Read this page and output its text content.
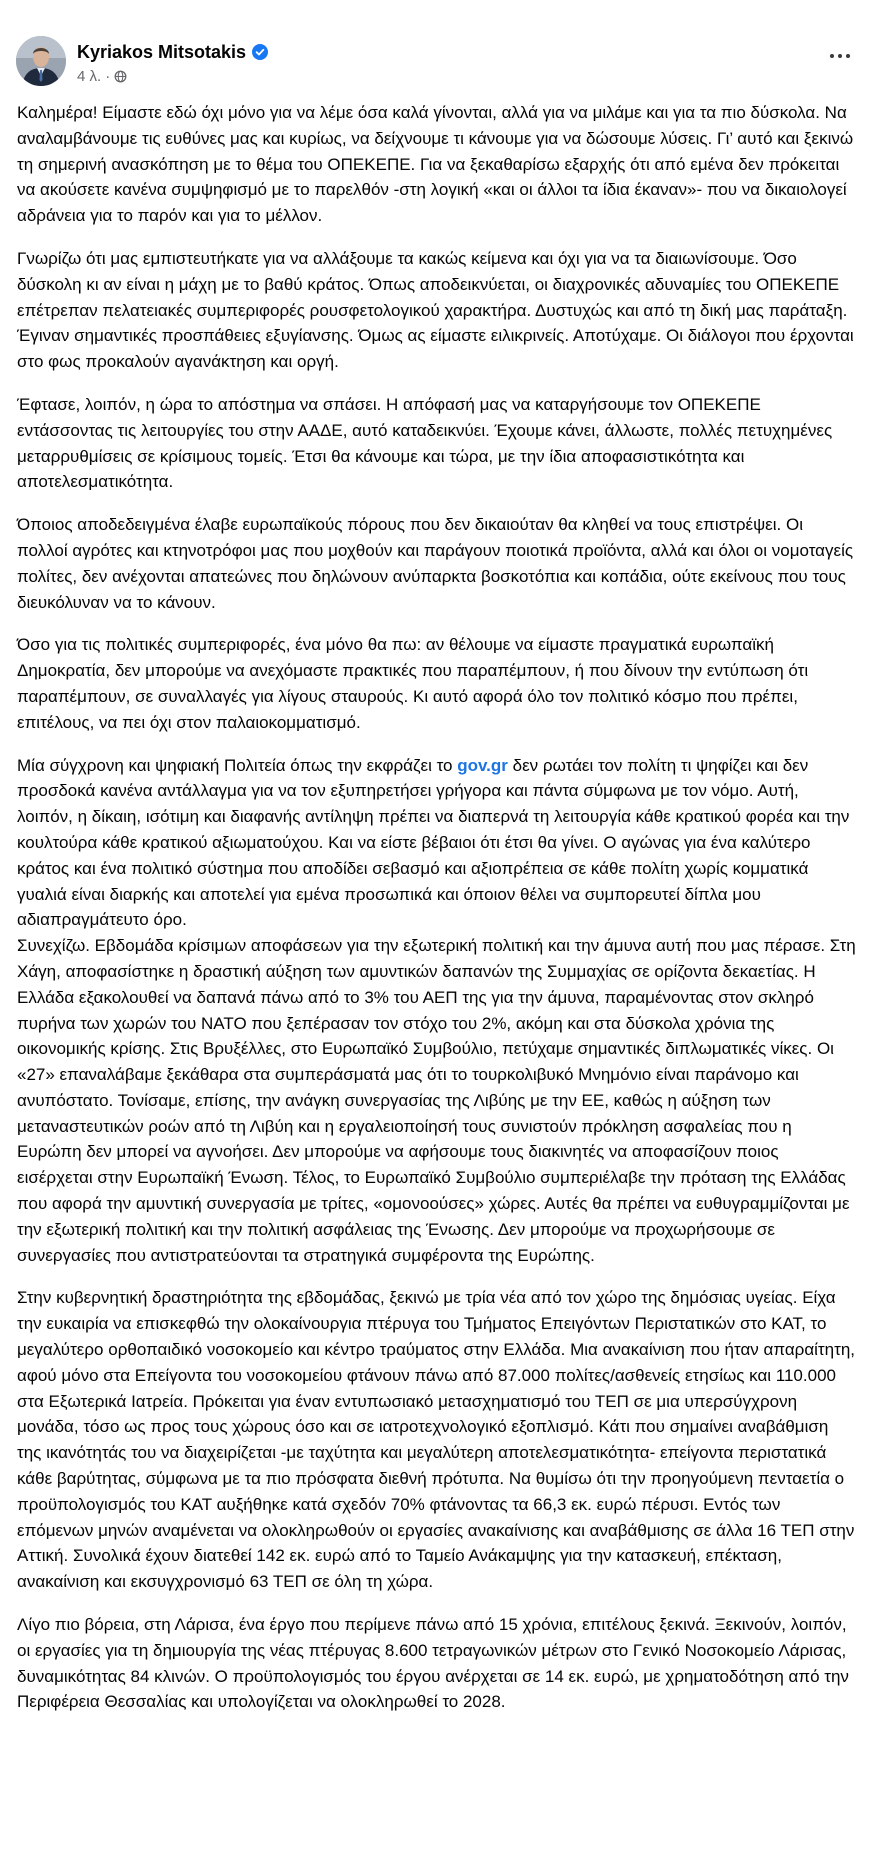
Kyriakos Mitsotakis
4 λ. ·

Καλημέρα! Είμαστε εδώ όχι μόνο για να λέμε όσα καλά γίνονται, αλλά για να μιλάμε και για τα πιο δύσκολα. Να αναλαμβάνουμε τις ευθύνες μας και κυρίως, να δείχνουμε τι κάνουμε για να δώσουμε λύσεις. Γι’ αυτό και ξεκινώ τη σημερινή ανασκόπηση με το θέμα του ΟΠΕΚΕΠΕ. Για να ξεκαθαρίσω εξαρχής ότι από εμένα δεν πρόκειται να ακούσετε κανένα συμψηφισμό με το παρελθόν -στη λογική «και οι άλλοι τα ίδια έκαναν»- που να δικαιολογεί αδράνεια για το παρόν και για το μέλλον.

Γνωρίζω ότι μας εμπιστευτήκατε για να αλλάξουμε τα κακώς κείμενα και όχι για να τα διαιωνίσουμε. Όσο δύσκολη κι αν είναι η μάχη με το βαθύ κράτος. Όπως αποδεικνύεται, οι διαχρονικές αδυναμίες του ΟΠΕΚΕΠΕ επέτρεπαν πελατειακές συμπεριφορές ρουσφετολογικού χαρακτήρα. Δυστυχώς και από τη δική μας παράταξη. Έγιναν σημαντικές προσπάθειες εξυγίανσης. Όμως ας είμαστε ειλικρινείς. Αποτύχαμε. Οι διάλογοι που έρχονται στο φως προκαλούν αγανάκτηση και οργή.

Έφτασε, λοιπόν, η ώρα το απόστημα να σπάσει. Η απόφασή μας να καταργήσουμε τον ΟΠΕΚΕΠΕ εντάσσοντας τις λειτουργίες του στην ΑΑΔΕ, αυτό καταδεικνύει. Έχουμε κάνει, άλλωστε, πολλές πετυχημένες μεταρρυθμίσεις σε κρίσιμους τομείς. Έτσι θα κάνουμε και τώρα, με την ίδια αποφασιστικότητα και αποτελεσματικότητα.

Όποιος αποδεδειγμένα έλαβε ευρωπαϊκούς πόρους που δεν δικαιούταν θα κληθεί να τους επιστρέψει. Οι πολλοί αγρότες και κτηνοτρόφοι μας που μοχθούν και παράγουν ποιοτικά προϊόντα, αλλά και όλοι οι νομοταγείς πολίτες, δεν ανέχονται απατεώνες που δηλώνουν ανύπαρκτα βοσκοτόπια και κοπάδια, ούτε εκείνους που τους διευκόλυναν να το κάνουν.

Όσο για τις πολιτικές συμπεριφορές, ένα μόνο θα πω: αν θέλουμε να είμαστε πραγματικά ευρωπαϊκή Δημοκρατία, δεν μπορούμε να ανεχόμαστε πρακτικές που παραπέμπουν, ή που δίνουν την εντύπωση ότι παραπέμπουν, σε συναλλαγές για λίγους σταυρούς. Κι αυτό αφορά όλο τον πολιτικό κόσμο που πρέπει, επιτέλους, να πει όχι στον παλαιοκομματισμό.

Μία σύγχρονη και ψηφιακή Πολιτεία όπως την εκφράζει το gov.gr δεν ρωτάει τον πολίτη τι ψηφίζει και δεν προσδοκά κανένα αντάλλαγμα για να τον εξυπηρετήσει γρήγορα και πάντα σύμφωνα με τον νόμο. Αυτή, λοιπόν, η δίκαιη, ισότιμη και διαφανής αντίληψη πρέπει να διαπερνά τη λειτουργία κάθε κρατικού φορέα και την κουλτούρα κάθε κρατικού αξιωματούχου. Και να είστε βέβαιοι ότι έτσι θα γίνει. Ο αγώνας για ένα καλύτερο κράτος και ένα πολιτικό σύστημα που αποδίδει σεβασμό και αξιοπρέπεια σε κάθε πολίτη χωρίς κομματικά γυαλιά είναι διαρκής και αποτελεί για εμένα προσωπικά και όποιον θέλει να συμπορευτεί δίπλα μου αδιαπραγμάτευτο όρο.

Συνεχίζω. Εβδομάδα κρίσιμων αποφάσεων για την εξωτερική πολιτική και την άμυνα αυτή που μας πέρασε. Στη Χάγη, αποφασίστηκε η δραστική αύξηση των αμυντικών δαπανών της Συμμαχίας σε ορίζοντα δεκαετίας. Η Ελλάδα εξακολουθεί να δαπανά πάνω από το 3% του ΑΕΠ της για την άμυνα, παραμένοντας στον σκληρό πυρήνα των χωρών του ΝΑΤΟ που ξεπέρασαν τον στόχο του 2%, ακόμη και στα δύσκολα χρόνια της οικονομικής κρίσης. Στις Βρυξέλλες, στο Ευρωπαϊκό Συμβούλιο, πετύχαμε σημαντικές διπλωματικές νίκες. Οι «27» επαναλάβαμε ξεκάθαρα στα συμπεράσματά μας ότι το τουρκολιβυκό Μνημόνιο είναι παράνομο και ανυπόστατο. Τονίσαμε, επίσης, την ανάγκη συνεργασίας της Λιβύης με την ΕΕ, καθώς η αύξηση των μεταναστευτικών ροών από τη Λιβύη και η εργαλειοποίησή τους συνιστούν πρόκληση ασφαλείας που η Ευρώπη δεν μπορεί να αγνοήσει. Δεν μπορούμε να αφήσουμε τους διακινητές να αποφασίζουν ποιος εισέρχεται στην Ευρωπαϊκή Ένωση. Τέλος, το Ευρωπαϊκό Συμβούλιο συμπεριέλαβε την πρόταση της Ελλάδας που αφορά την αμυντική συνεργασία με τρίτες, «ομονοούσες» χώρες. Αυτές θα πρέπει να ευθυγραμμίζονται με την εξωτερική πολιτική και την πολιτική ασφάλειας της Ένωσης. Δεν μπορούμε να προχωρήσουμε σε συνεργασίες που αντιστρατεύονται τα στρατηγικά συμφέροντα της Ευρώπης.

Στην κυβερνητική δραστηριότητα της εβδομάδας, ξεκινώ με τρία νέα από τον χώρο της δημόσιας υγείας. Είχα την ευκαιρία να επισκεφθώ την ολοκαίνουργια πτέρυγα του Τμήματος Επειγόντων Περιστατικών στο ΚΑΤ, το μεγαλύτερο ορθοπαιδικό νοσοκομείο και κέντρο τραύματος στην Ελλάδα. Μια ανακαίνιση που ήταν απαραίτητη, αφού μόνο στα Επείγοντα του νοσοκομείου φτάνουν πάνω από 87.000 πολίτες/ασθενείς ετησίως και 110.000 στα Εξωτερικά Ιατρεία. Πρόκειται για έναν εντυπωσιακό μετασχηματισμό του ΤΕΠ σε μια υπερσύγχρονη μονάδα, τόσο ως προς τους χώρους όσο και σε ιατροτεχνολογικό εξοπλισμό. Κάτι που σημαίνει αναβάθμιση της ικανότητάς του να διαχειρίζεται -με ταχύτητα και μεγαλύτερη αποτελεσματικότητα- επείγοντα περιστατικά κάθε βαρύτητας, σύμφωνα με τα πιο πρόσφατα διεθνή πρότυπα. Να θυμίσω ότι την προηγούμενη πενταετία ο προϋπολογισμός του ΚΑΤ αυξήθηκε κατά σχεδόν 70% φτάνοντας τα 66,3 εκ. ευρώ πέρυσι. Εντός των επόμενων μηνών αναμένεται να ολοκληρωθούν οι εργασίες ανακαίνισης και αναβάθμισης σε άλλα 16 ΤΕΠ στην Αττική. Συνολικά έχουν διατεθεί 142 εκ. ευρώ από το Ταμείο Ανάκαμψης για την κατασκευή, επέκταση, ανακαίνιση και εκσυγχρονισμό 63 ΤΕΠ σε όλη τη χώρα.

Λίγο πιο βόρεια, στη Λάρισα, ένα έργο που περίμενε πάνω από 15 χρόνια, επιτέλους ξεκινά. Ξεκινούν, λοιπόν, οι εργασίες για τη δημιουργία της νέας πτέρυγας 8.600 τετραγωνικών μέτρων στο Γενικό Νοσοκομείο Λάρισας, δυναμικότητας 84 κλινών. Ο προϋπολογισμός του έργου ανέρχεται σε 14 εκ. ευρώ, με χρηματοδότηση από την Περιφέρεια Θεσσαλίας και υπολογίζεται να ολοκληρωθεί το 2028.
